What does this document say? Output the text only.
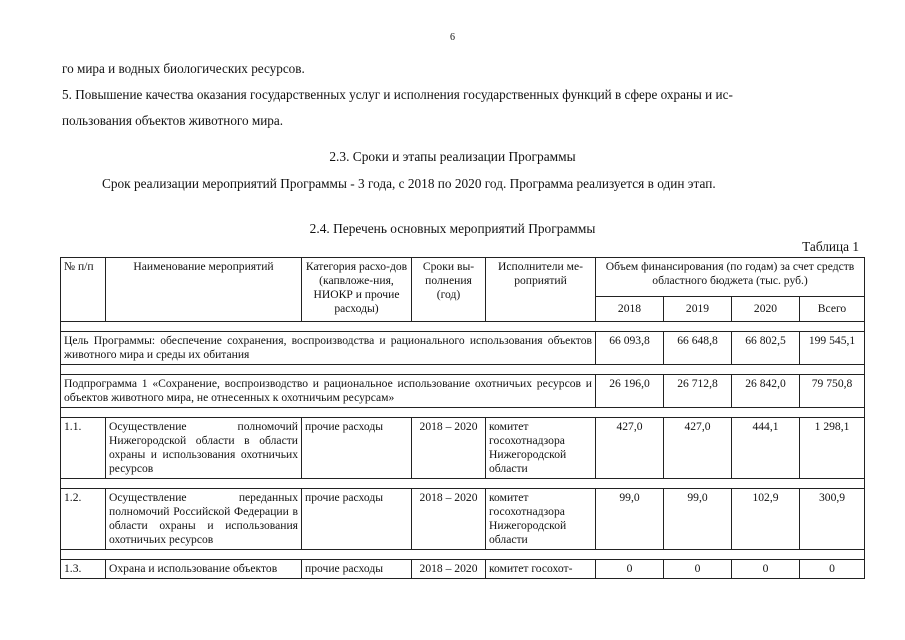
6
го мира и водных биологических ресурсов.
5. Повышение качества оказания государственных услуг и исполнения государственных функций в сфере охраны и ис-
пользования объектов животного мира.
2.3. Сроки и этапы реализации Программы
Срок реализации мероприятий Программы - 3 года, с 2018 по 2020 год. Программа реализуется в один этап.
2.4. Перечень основных мероприятий Программы
Таблица 1
№ п/п	Наименование мероприятий	Категория расхо-дов (капвложе-ния, НИОКР и прочие расходы)	Сроки вы-полнения (год)	Исполнители ме-роприятий	Объем финансирования (по годам) за счет средств областного бюджета (тыс. руб.)			
					2018	2019	2020	Всего

Цель Программы: обеспечение сохранения, воспроизводства и рационального использования объектов животного мира и среды их обитания					66 093,8	66 648,8	66 802,5	199 545,1

Подпрограмма 1 «Сохранение, воспроизводство и рациональное использование охотничьих ресурсов и объектов животного мира, не отнесенных к охотничьим ресурсам»					26 196,0	26 712,8	26 842,0	79 750,8

1.1.	Осуществление полномочий Нижегородской области в области охраны и использования охотничьих ресурсов	прочие расходы	2018 – 2020	комитет госохотнадзора Нижегородской области	427,0	427,0	444,1	1 298,1

1.2.	Осуществление переданных полномочий Российской Федерации в области охраны и использования охотничьих ресурсов	прочие расходы	2018 – 2020	комитет госохотнадзора Нижегородской области	99,0	99,0	102,9	300,9

1.3.	Охрана и использование объектов	прочие расходы	2018 – 2020	комитет госохот-	0	0	0	0
